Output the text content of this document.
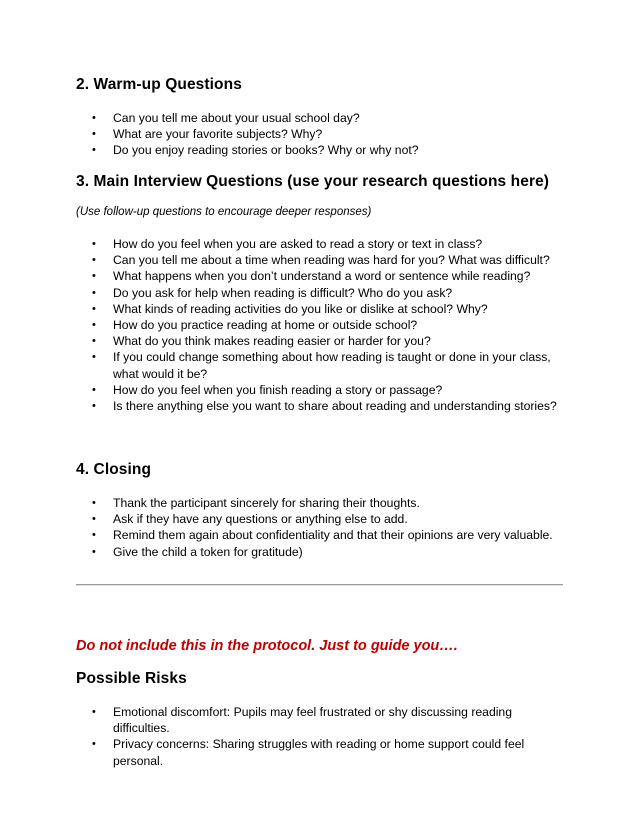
2. Warm-up Questions
• Can you tell me about your usual school day?
• What are your favorite subjects? Why?
• Do you enjoy reading stories or books? Why or why not?
3. Main Interview Questions (use your research questions here)

(Use follow-up questions to encourage deeper responses)

• How do you feel when you are asked to read a story or text in class?
• Can you tell me about a time when reading was hard for you? What was difficult?
• What happens when you don’t understand a word or sentence while reading?
• Do you ask for help when reading is difficult? Who do you ask?
• What kinds of reading activities do you like or dislike at school? Why?
• How do you practice reading at home or outside school?
• What do you think makes reading easier or harder for you?
• If you could change something about how reading is taught or done in your class, what would it be?
• How do you feel when you finish reading a story or passage?
• Is there anything else you want to share about reading and understanding stories?
4. Closing
• Thank the participant sincerely for sharing their thoughts.
• Ask if they have any questions or anything else to add.
• Remind them again about confidentiality and that their opinions are very valuable.
• Give the child a token for gratitude)

Do not include this in the protocol. Just to guide you….

Possible Risks
• Emotional discomfort: Pupils may feel frustrated or shy discussing reading difficulties.
• Privacy concerns: Sharing struggles with reading or home support could feel personal.
